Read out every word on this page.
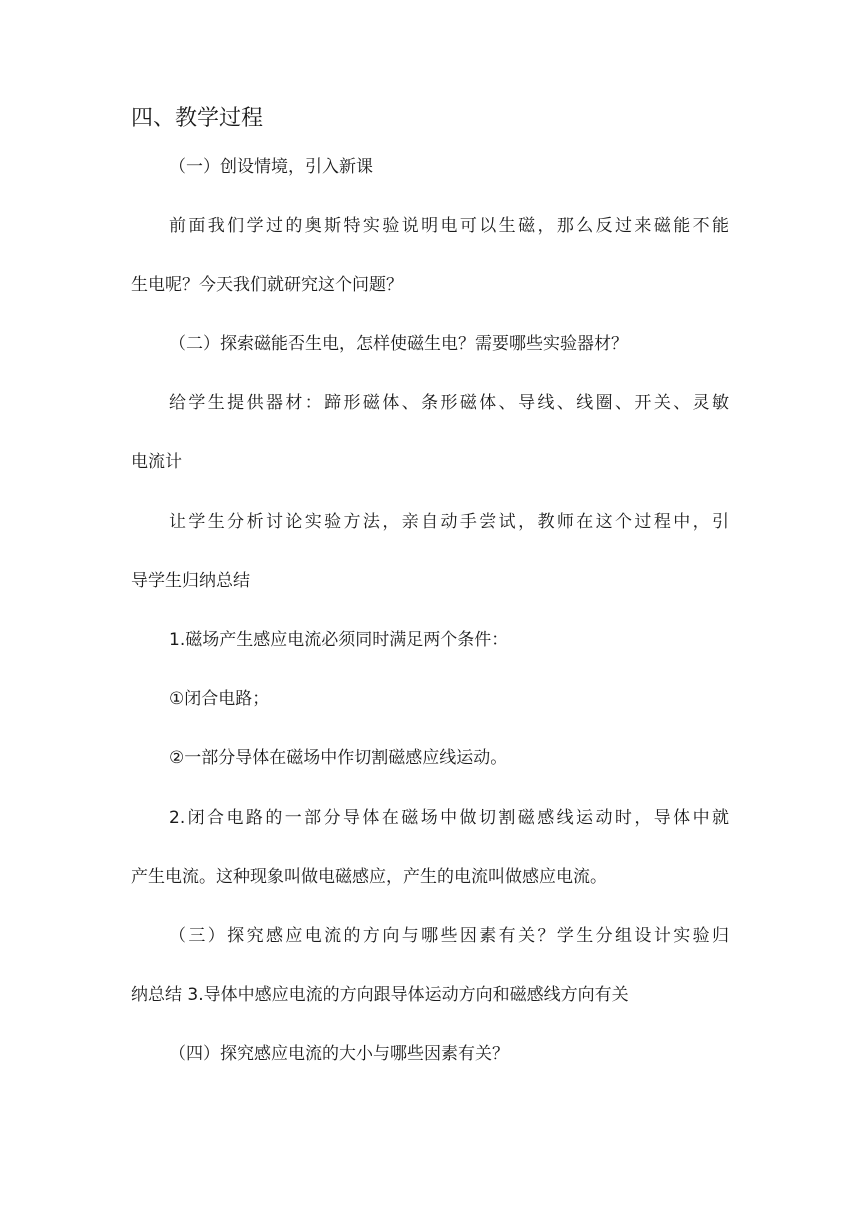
四、教学过程
（一）创设情境，引入新课
前面我们学过的奥斯特实验说明电可以生磁，那么反过来磁能不能
生电呢？今天我们就研究这个问题？
（二）探索磁能否生电，怎样使磁生电？需要哪些实验器材？
给学生提供器材：蹄形磁体、条形磁体、导线、线圈、开关、灵敏
电流计
让学生分析讨论实验方法，亲自动手尝试，教师在这个过程中，引
导学生归纳总结
1.磁场产生感应电流必须同时满足两个条件：
①闭合电路；
②一部分导体在磁场中作切割磁感应线运动。
2.闭合电路的一部分导体在磁场中做切割磁感线运动时，导体中就
产生电流。这种现象叫做电磁感应，产生的电流叫做感应电流。
（三）探究感应电流的方向与哪些因素有关？学生分组设计实验归
纳总结 3.导体中感应电流的方向跟导体运动方向和磁感线方向有关
（四）探究感应电流的大小与哪些因素有关？
